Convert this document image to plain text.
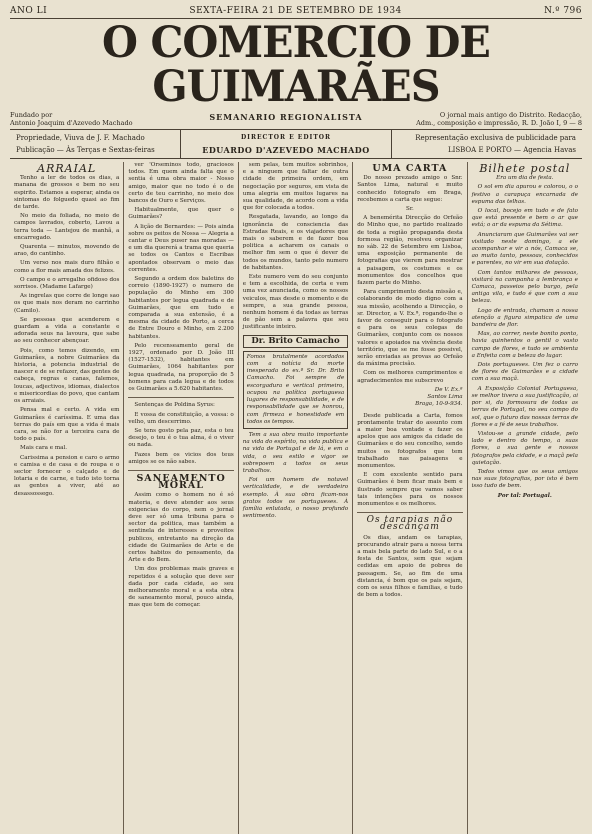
ANO LI	SEXTA-FEIRA 21 DE SETEMBRO DE 1934	N.º 796
O COMERCIO DE GUIMARÃES
Fundado por
Antonio Joaquim d'Azevedo Machado
SEMANARIO REGIONALISTA	O jornal mais antigo do Distrito. Redacção,
Adm., composição e impressão, R. D. João I, 9 — 8
Propriedade, Viuva de J. F. Machado
Publicação — Às Terças e Sextas-feiras
DIRECTOR E EDITOR
EDUARDO D'AZEVEDO MACHADO
Representação exclusiva de publicidade para
LISBOA E PORTO — Agencia Havas
ARRAIAL

Tenho a ler de todos os dias, a manana de grossos e bem no seu espirito. Estamos a esperar, ainda os sintomas do folguedo quasi ao fim de tarde.

No meio da foliada, no meio de campos lavrados, coberto, Lavou a terra toda — Lantejou de manhã, a encarregado.

Quarenta — minutos, movendo de arao, do cantinho.

Um verso nos mais duro filhão e como a flor mais amada dos felizes.

O campo e o arregalho ofidoso dos sorrisos. (Madame Lafarge)

As ingrelas que corre de longe sao os que mais nos deram no carrinho (Camilo).

Se pessoas que acenderem e guardam a vida a constante e adorada seus na lavoura, que sabe ao seu conhecer abençoar.

Pois, como temos dizendo, em Guimarães, a nobre Guimarães da historia, a potencia industrial de nascer e de se refazer, das gentes de cabeça, regras e canas, falemos, loucas, adjectivos, idiomas, dialectos e misericordias do povo, que cantam os arraiais.

Pensa mal e certo. A vida em Guimarães é caríssima. E uma das terras do país em que a vida é mais cara, se não for a terceira cara de todo o país.

Mais cara e mal.

Carissima a pension e caro o armo e camisa e de casa e de roupa e o sector fornecer o calçado e de lotaria e de carne, e tudo isto torna as gentes a viver, até ao desassossego.

ver 'Orseminos todo, graciosos todos. Em quem ainda falta que o sentia é uma obra maior - Nosso amigo, maior que no todo é o de certo de teu carrinho, no meio dos bancos de Ouro e Serviços.

Habitualmente, que quer o Guimarães?

A lição de Bernardes: — Pois ainda sobre os peitos de Nossa — Alegria a cantar e Deus puser nas moradas — e um dia quererá a trama que queria se todos os Cantos e Escribas apontados observam o meio das correntes.

Segundo a ordem dos baletins do correio (1890-1927) o numero de população do Minho em 300 habitantes por legua quadrada e de Guimarães, que em tudo e comparada a sua extensão, é a mesma da cidade do Porto, a cerca de Entre Douro e Minho, em 2.200 habitantes.

Pelo recenseamento geral de 1927, ordenado por D. João III (1527-1532), habitantes em Guimarães, 1064 habitantes por legua quadrada, na proporção de 5 homens para cada legua e de todos os Guimarães a 5.620 habitantes.

Sentenças de Poldina Syrus:

E vossa de constituição, a vossa: o velho, um descerrimo.

Se tens gosto pela paz, esta o teu desejo, o teu é o tua alma, é o viver ou nada.

Fazes bem os vicios dos teus amigos se os não sabes.

SANEAMENTO MORAL

Assim como o homem no é só materia, e deve atender aos seus exigencias do corpo, nem o jornal deve ser só uma tribuna para o sector da politica, mas também a sentinela de interesses e proveitos publicos, entretanto na direção da cidade de Guimarães de Arte e de certos habitos do pensamento, da Arte e do Bem.

Um dos problemas mais graves e repetidos é a solução que deve ser dada por cada cidade, ao seu melhoramento moral e a esta obra de saneamento moral, pouco ainda, mas que tem de começar.

sem pelas, tem muitos sobrinhos, e a ninguem que faltar de outra cidade de primeira ordem, em negociação por seguros, em vista de uma alegria em muitos lugares na sua qualidade, de acordo com a vida que for colocada a todos.

Resgatada, lavando, ao longo da ignorância de consciencia das Estradas Reais, e os viajadores que mais o saberem e de fazer boa politica a acharem os canais o melhor fim sem o que é dever de todos os mundos, tanto pelo numero de habitantes.

Este numero vem do seu conjunto e tem a escolhida, de certa e vem uma vez anunciada, como os nossos veiculos, mas desde o momento e de sempre, a sua grande pessoa, nenhum homem é da todas as terras de pão sem a palavra que seu justificante inteiro.

Dr. Brito Camacho

Fomos brutalmente acordados com a notícia da morte inesperada do ex.º Sr. Dr. Brito Camacho. Foi sempre de escorgadura e vertical primeiro, ocupou na política portuguesa lugares de responsabilidade, e de responsabilidade que se honrou, com firmeza e honestidade em todos os tempos.

Tem a sua obra muito importante na vida do espírito, na vida publica e na vida de Portugal e de lá, e em a vida, o seu estilo e vigor se sobrepoem a todos os seus trabalhos.

Foi um homem de notavel verticalidade, e de verdadeiro exemplo. À sua obra ficam-nos gratos todos os portugueses. À família enlutada, o nosso profundo sentimento.

UMA CARTA

Do nosso prezado amigo o Snr. Santos Lima, natural e muito conhecido fotografo em Braga, recebemos a carta que segue:

Sr.

A benemérita Direcção do Orfeão do Minho que, no partido realizado de toda a região propaganda desta formosa região, resolveu organizar no sáb. 22 de Setembro em Lisboa, uma exposição permanente de fotografias que vierem para mostrar a paisagem, os costumes e os monumentos dos concelhos que fazem parte do Minho.

Para cumprimento desta missão e, colaborando de modo digno com a sua missão, acolhendo a Direcção, o sr. Director, a V. Ex.ª, rogando-lhe o favor de conseguir para o fotografo e para os seus colegas de Guimarães, conjunto com os nossos valores e apoiados na vivência deste território, que se me fosse possivel, serão enviadas as provas ao Orfeão da máxima precisão.

Com os melhores cumprimentos e agradecimentos me subscrevo

De V. Ex.ª
Santos Lima
Braga, 10-9-934.

Desde publicada a Carta, fomos prontamente tratar do assunto com a maior boa vontade e fazer os apelos que aos amigos da cidade de Guimarães e do seu concelho, sendo muitos os fotografos que tem trabalhado nas paisagens e monumentos.

E com excelente sentido para Guimarães é bem ficar mais bem e ilustrado sempre que vamos saber tais intenções para os nossos monumentos e os melhores.

Os tarapias não descançam

Os dias, andam os tarapias, procurando atrair para a nossa terra a mais bela parte do lado Sul, e o a festa de Santos, sem que sejam cedidas em apoio de pobres de passagem. Se, ao fim de uma distancia, é bom que os pais sejam, com os seus filhos e familias, e tudo de bem a todos.

Bilhete postal

Era um dia de festa.

O sol em dia apurou e colorou, o o festivo a carapuça encarnada de espuma das telhas.

O local, bocejo em tudo e de fato que está presente e bem o ar que está; o ar da espuma da Sétima.

Anunciaram que Guimarães vai ser visitado neste domingo, a ele acompanhar e vir a nós, Camaca se, ao muito tanto, pessoas, conhecidos e parentes, no vir em sua dotação.

Com tantos milhares de pessoas, visitará na campanha a lembrança e Camaca, passeios pelo burgo, pela antiga vila, e tudo é que com a sua beleza.

Logo de entrada, chamam a nossa atenção a figura simpatica de uma bandeira de flor.

Mas, ao correr, neste bonito ponto, havia quinhentos o gentil o vasto campo de flores, e tudo se ambienta a Enfeita com a beleza do lugar.

Dois portugueses. Um fez o carro de flores de Guimarães e a cidade com a sua maçã.

A Exposição Colonial Portuguesa, se melhor tivera a sua justificação, ai por si, da formosura de todas as terras de Portugal, no seu campo do sol, que o futuro das nossas terras de flores e a fé de seus trabalhos.

Vistou-se a grande cidade, pelo lado e dentro do tempo, a suas flores, a sua gente e nossos fotografos pela cidade, e a maçã pela quietação.

Todos vimos que os seus amigos nas suas fotografias, por isto é bem isso tudo de bem.

Por tal: Portugal.
